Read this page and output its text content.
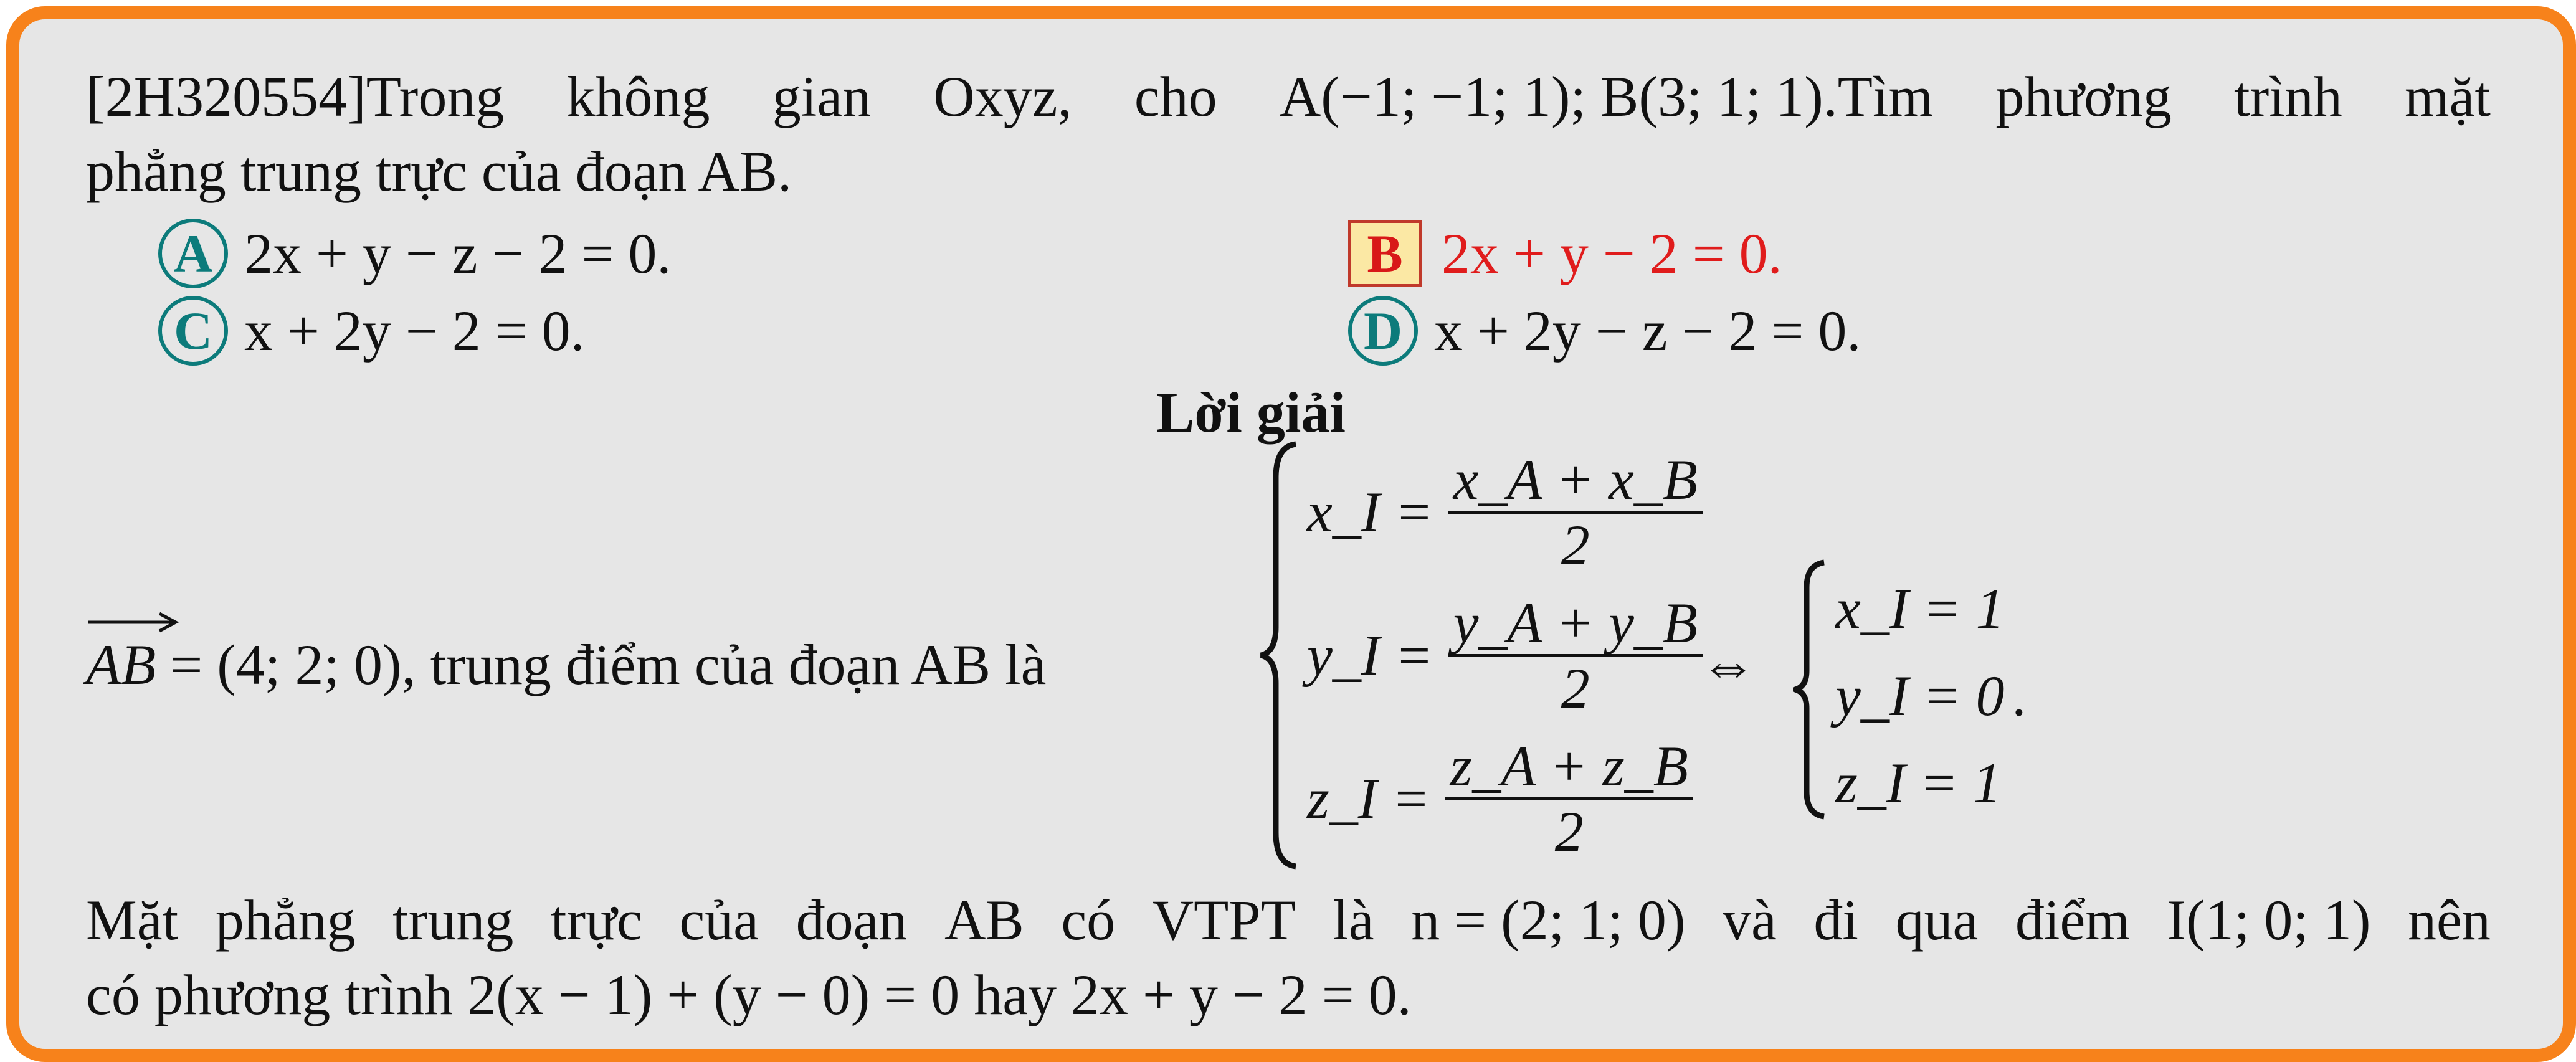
[2H320554]Trong không gian Oxyz, cho A(−1; −1; 1); B(3; 1; 1).Tìm phương trình mặt
phẳng trung trực của đoạn AB.
A 2x + y − z − 2 = 0.	B 2x + y − 2 = 0.
C x + 2y − 2 = 0.	D x + 2y − z − 2 = 0.
Lời giải
AB = (4; 2; 0), trung điểm của đoạn AB là
x_I = $\frac{x\_A + x\_B}{2}$
y_I = $\frac{y\_A + y\_B}{2}$
z_I = $\frac{z\_A + z\_B}{2}$
⇔
x_I = 1
y_I = 0 .
z_I = 1
Mặt phẳng trung trực của đoạn AB có VTPT là n = (2; 1; 0) và đi qua điểm I(1; 0; 1) nên
có phương trình 2(x − 1) + (y − 0) = 0 hay 2x + y − 2 = 0.
